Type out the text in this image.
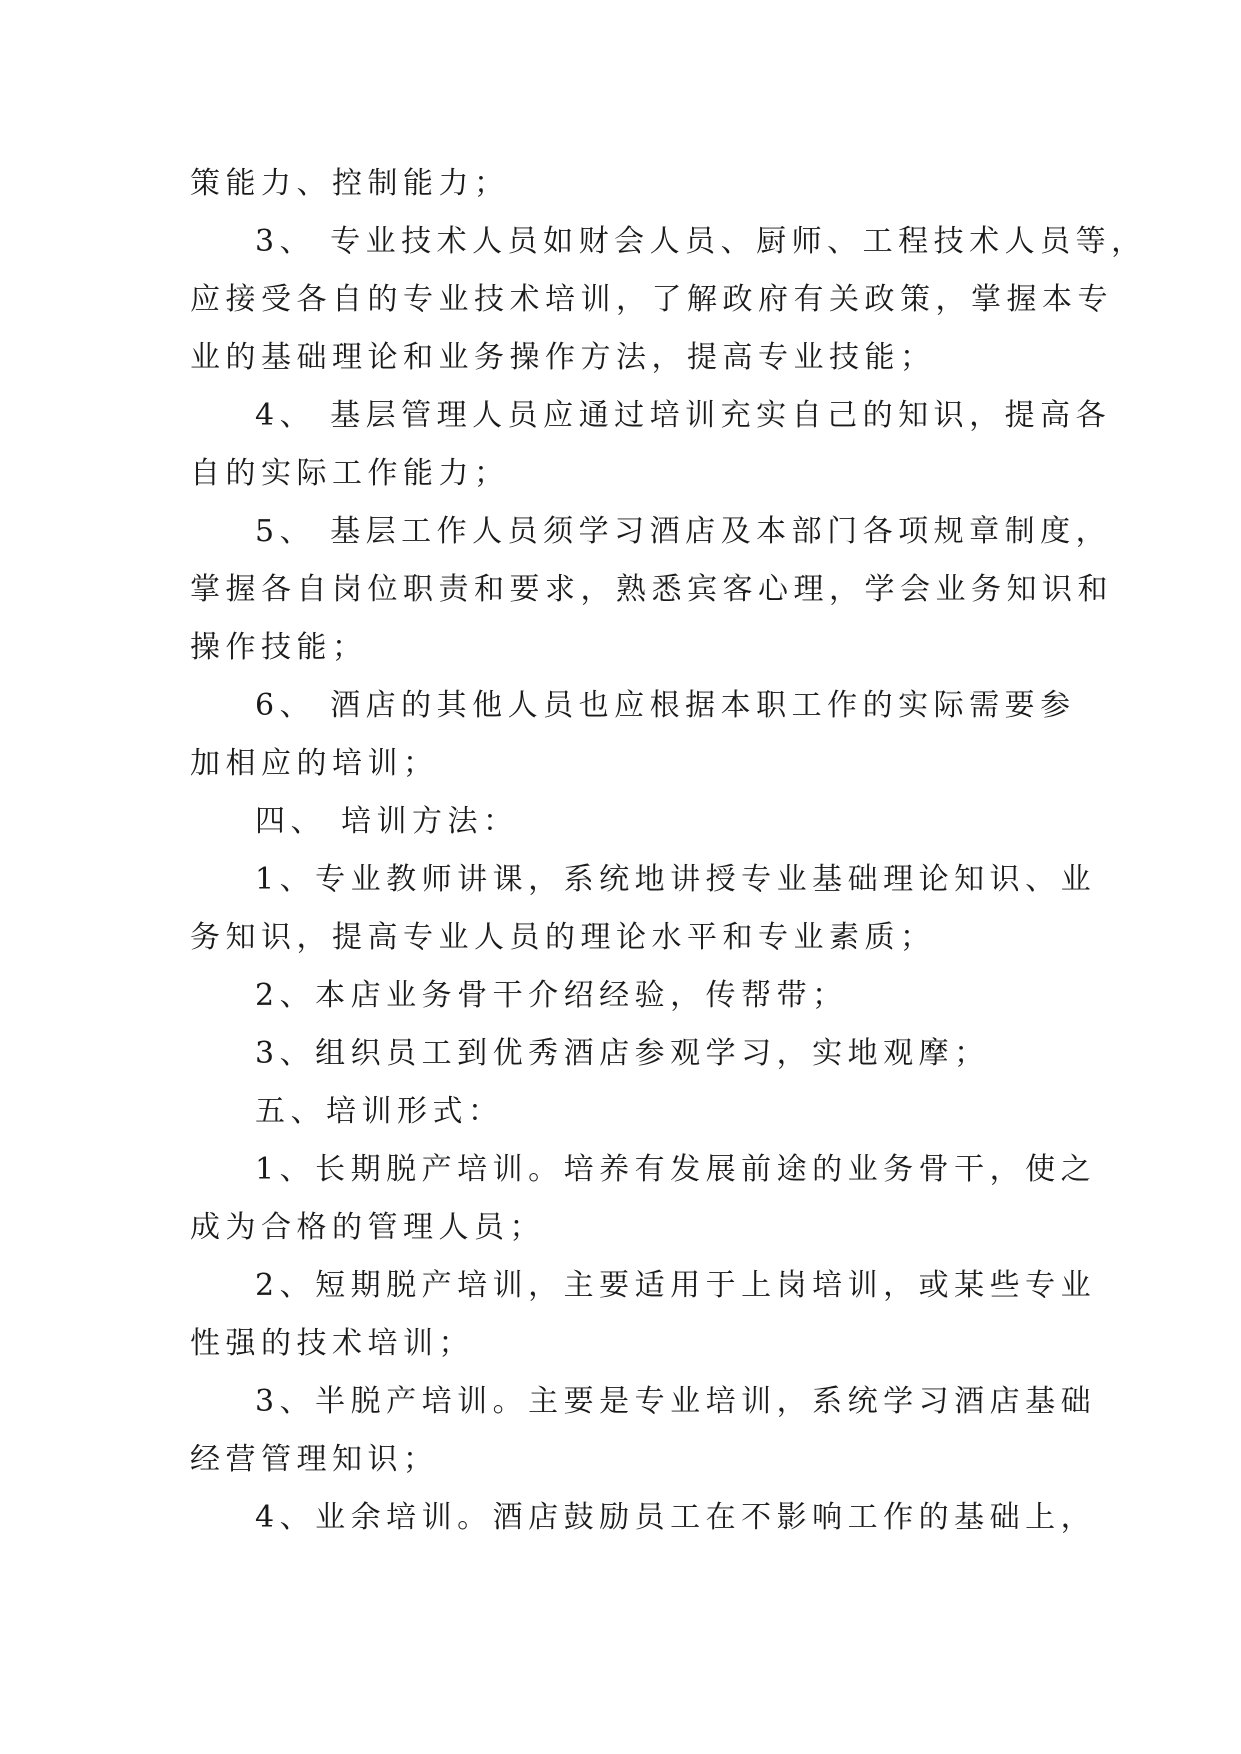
策能力、控制能力；
3、 专业技术人员如财会人员、厨师、工程技术人员等，
应接受各自的专业技术培训，了解政府有关政策，掌握本专
业的基础理论和业务操作方法，提高专业技能；
4、 基层管理人员应通过培训充实自己的知识，提高各
自的实际工作能力；
5、 基层工作人员须学习酒店及本部门各项规章制度，
掌握各自岗位职责和要求，熟悉宾客心理，学会业务知识和
操作技能；
6、 酒店的其他人员也应根据本职工作的实际需要参
加相应的培训；
四、 培训方法：
1、专业教师讲课，系统地讲授专业基础理论知识、业
务知识，提高专业人员的理论水平和专业素质；
2、本店业务骨干介绍经验，传帮带；
3、组织员工到优秀酒店参观学习，实地观摩；
五、培训形式：
1、长期脱产培训。培养有发展前途的业务骨干，使之
成为合格的管理人员；
2、短期脱产培训，主要适用于上岗培训，或某些专业
性强的技术培训；
3、半脱产培训。主要是专业培训，系统学习酒店基础
经营管理知识；
4、业余培训。酒店鼓励员工在不影响工作的基础上，
